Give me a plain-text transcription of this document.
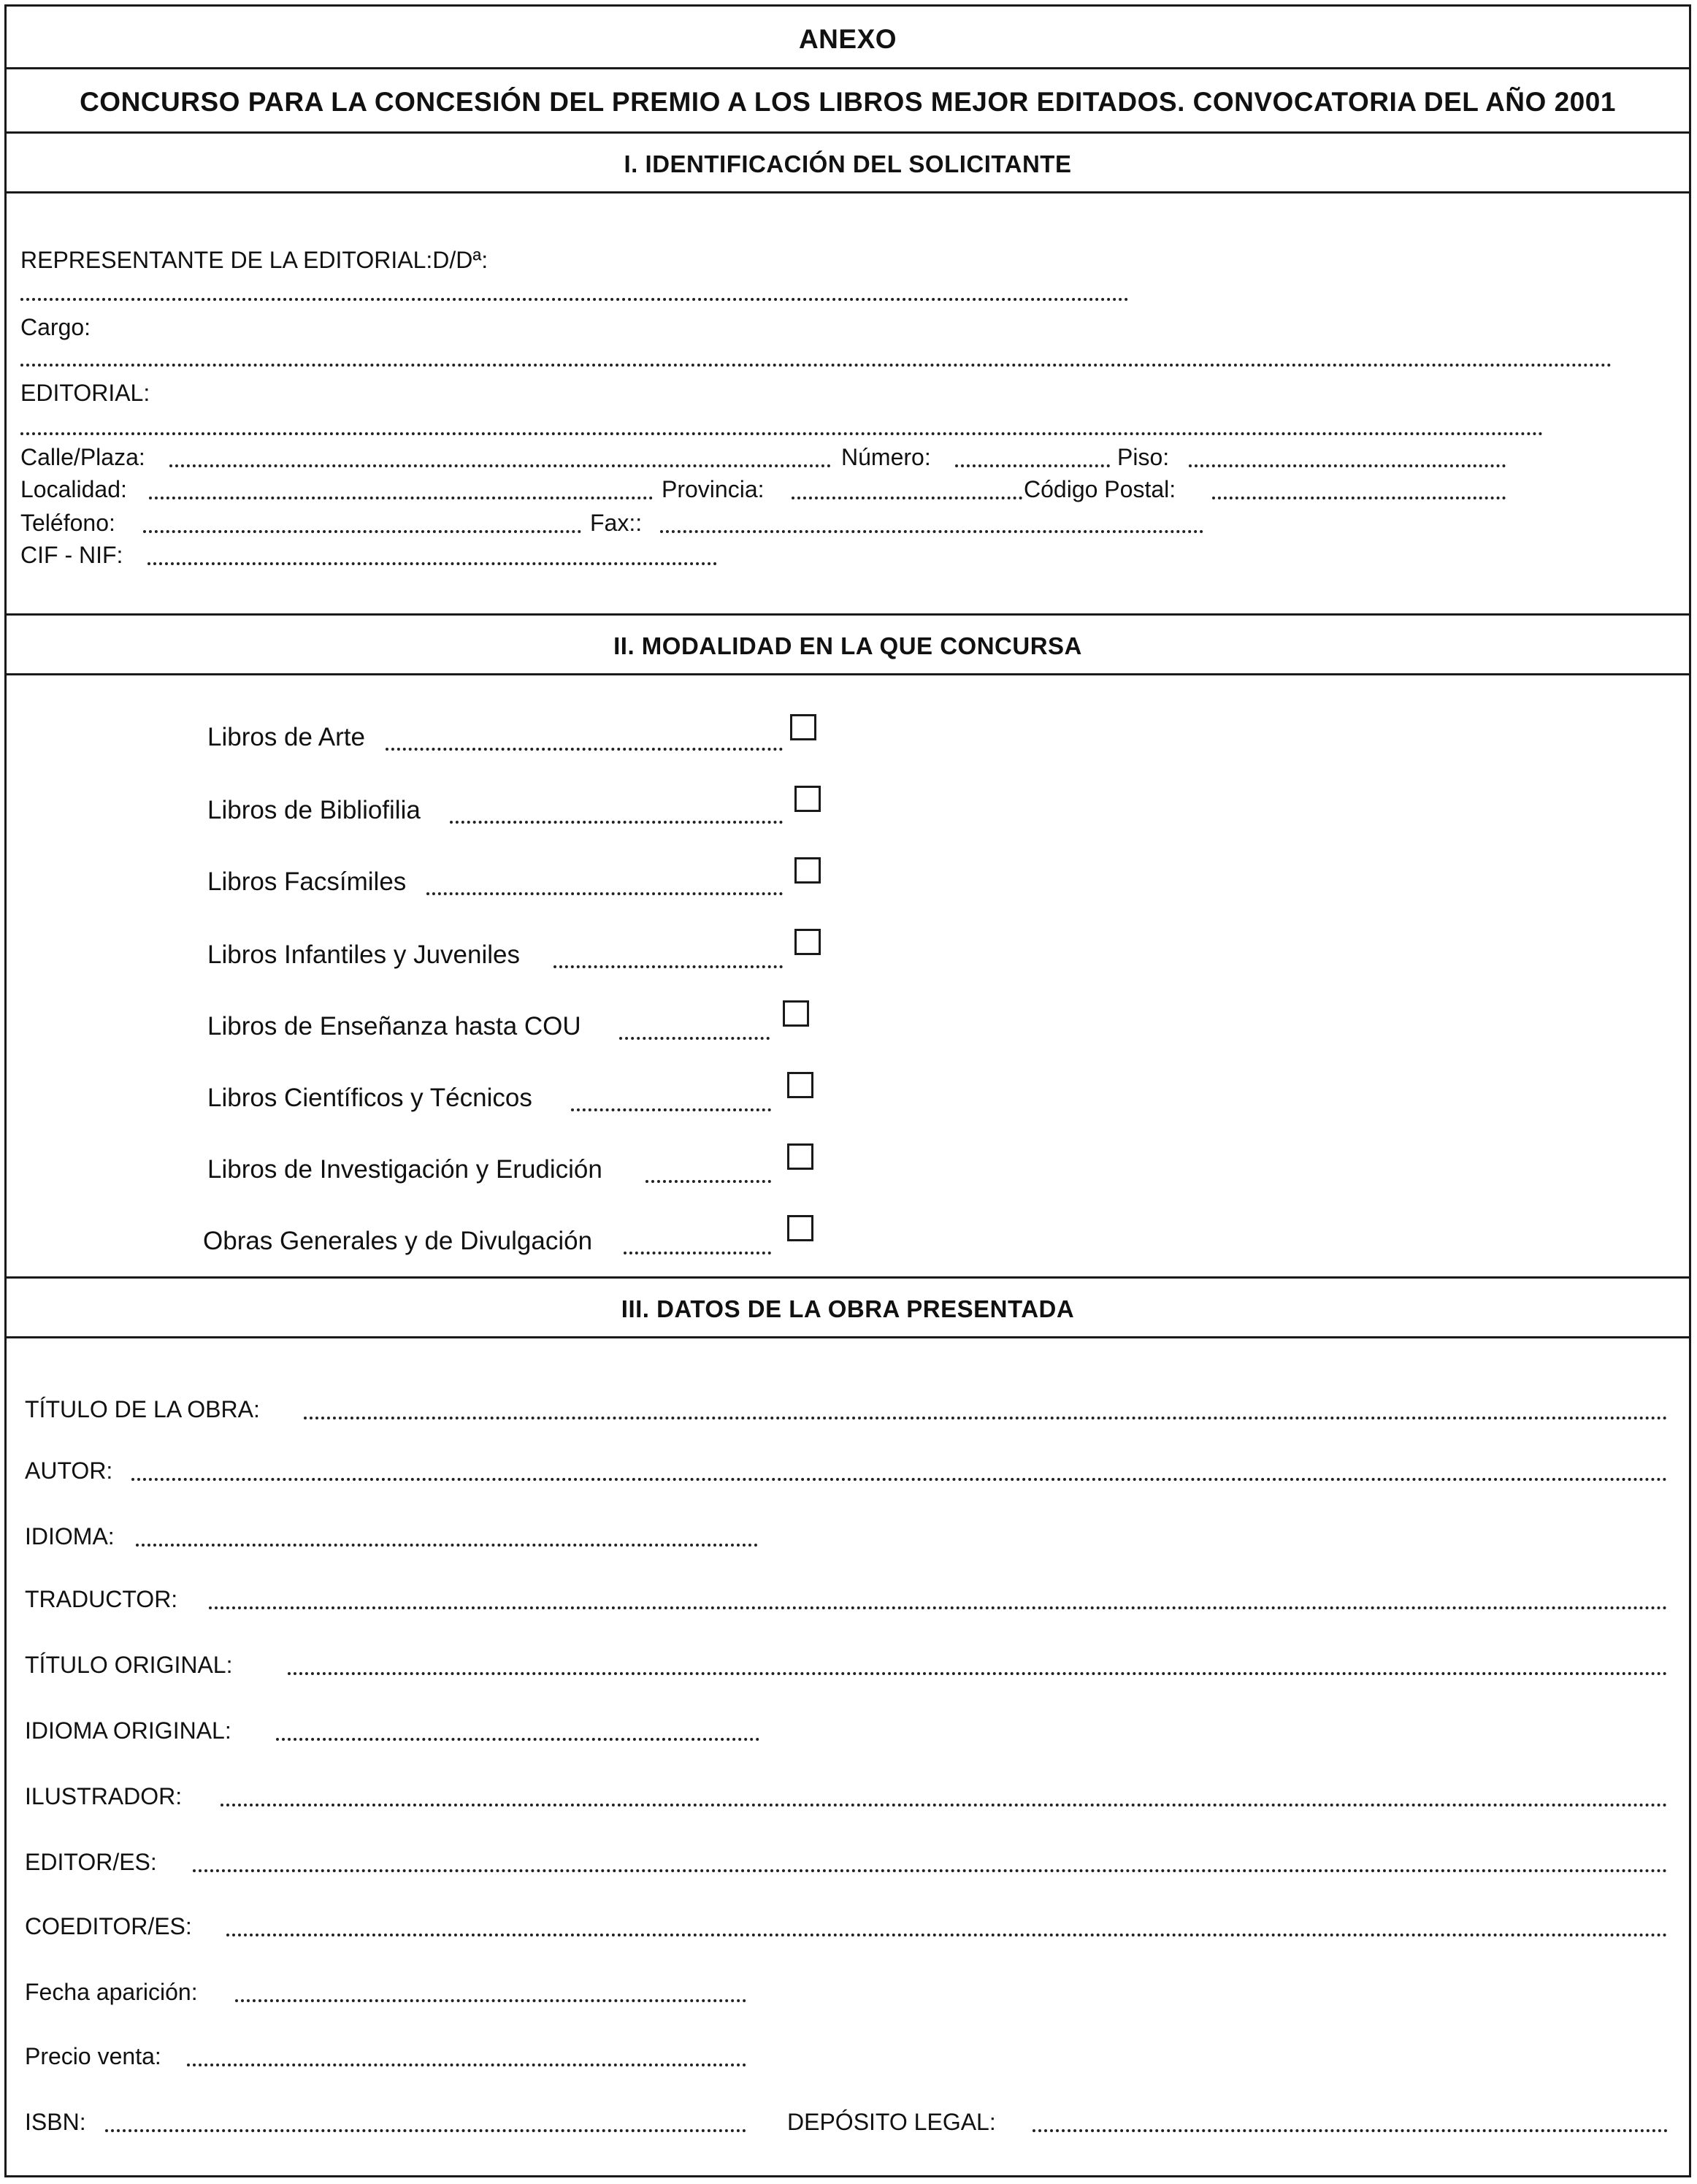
ANEXO
CONCURSO PARA LA CONCESIÓN DEL PREMIO A LOS LIBROS MEJOR EDITADOS. CONVOCATORIA DEL AÑO 2001
I. IDENTIFICACIÓN DEL SOLICITANTE
REPRESENTANTE DE LA EDITORIAL:D/Dª:
Cargo:
EDITORIAL:
Calle/Plaza:	Número:	Piso:
Localidad:	Provincia:	Código Postal:
Teléfono:	Fax::
CIF - NIF:
II. MODALIDAD EN LA QUE CONCURSA
Libros de Arte
Libros de Bibliofilia
Libros Facsímiles
Libros Infantiles y Juveniles
Libros de Enseñanza hasta COU
Libros Científicos y Técnicos
Libros de Investigación y Erudición
Obras Generales y de Divulgación
III. DATOS DE LA OBRA PRESENTADA
TÍTULO DE LA OBRA:
AUTOR:
IDIOMA:
TRADUCTOR:
TÍTULO ORIGINAL:
IDIOMA ORIGINAL:
ILUSTRADOR:
EDITOR/ES:
COEDITOR/ES:
Fecha aparición:
Precio venta:
ISBN:	DEPÓSITO LEGAL:
